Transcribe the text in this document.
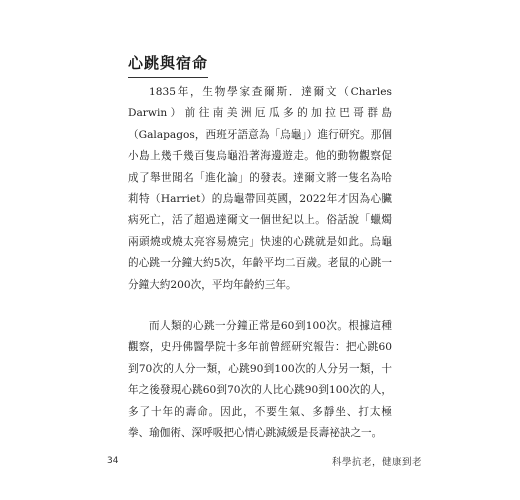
心跳與宿命

1835年，生物學家查爾斯．達爾文（Charles Darwin）前往南美洲厄瓜多的加拉巴哥群島（Galapagos，西班牙語意為「烏龜」）進行研究。那個小島上幾千幾百隻烏龜沿著海邊遊走。他的動物觀察促成了舉世聞名「進化論」的發表。達爾文將一隻名為哈莉特（Harriet）的烏龜帶回英國，2022年才因為心臟病死亡，活了超過達爾文一個世紀以上。俗話說「蠟燭兩頭燒或燒太亮容易燒完」快速的心跳就是如此。烏龜的心跳一分鐘大約5次，年齡平均二百歲。老鼠的心跳一分鐘大約200次，平均年齡約三年。

而人類的心跳一分鐘正常是60到100次。根據這種觀察，史丹佛醫學院十多年前曾經研究報告：把心跳60到70次的人分一類，心跳90到100次的人分另一類，十年之後發現心跳60到70次的人比心跳90到100次的人，多了十年的壽命。因此，不要生氣、多靜坐、打太極拳、瑜伽術、深呼吸把心情心跳減緩是長壽祕訣之一。

34	科學抗老，健康到老
